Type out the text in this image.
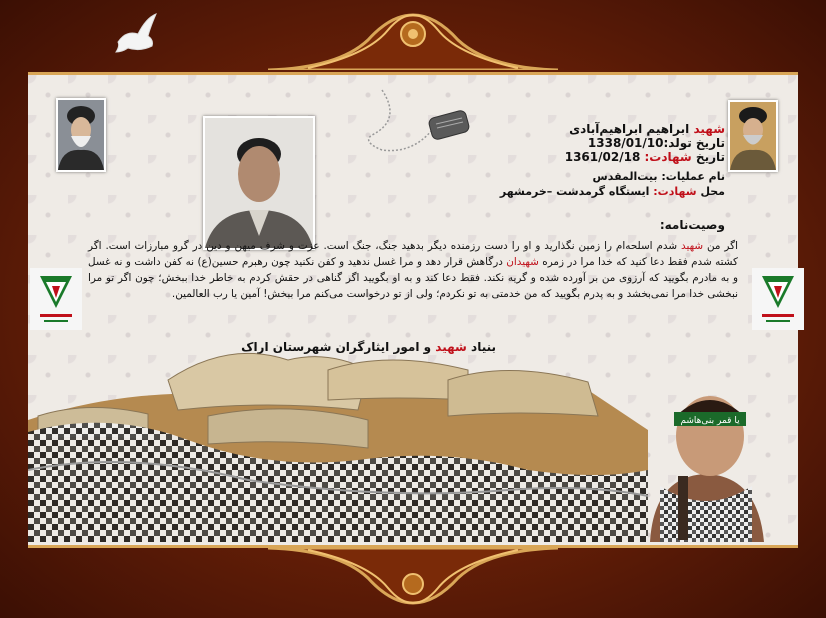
شهید ابراهیم ابراهیم‌آبادی
تاریخ تولد:1338/01/10
تاریخ شهادت: 1361/02/18
نام عملیات: بیت‌المقدس
محل شهادت: ایستگاه گرمدشت –خرمشهر
وصیت‌نامه:
اگر من شهید شدم اسلحه‌ام را زمین نگذارید و او را دست رزمنده دیگر بدهید جنگ، جنگ است. عزت و شرف میهن و دین در گرو مبارزات است. اگر کشته شدم فقط دعا کنید که خدا مرا در زمره شهیدان درگاهش قرار دهد و مرا غسل ندهید و کفن نکنید چون رهبرم حسین(ع) نه کفن داشت و نه غسل و به مادرم بگویید که آرزوی من بر آورده شده و گریه نکند. فقط دعا کند و به او بگویید اگر گناهی در حقش کردم به خاطر خدا ببخش؛ چون اگر تو مرا نبخشی خدا مرا نمی‌بخشد و به پدرم بگویید که من خدمتی به تو نکردم؛ ولی از تو درخواست می‌کنم مرا ببخش! آمین یا رب العالمین.
بنیاد شهید و امور ایثارگران شهرستان اراک
یا قمر بنی‌هاشم
